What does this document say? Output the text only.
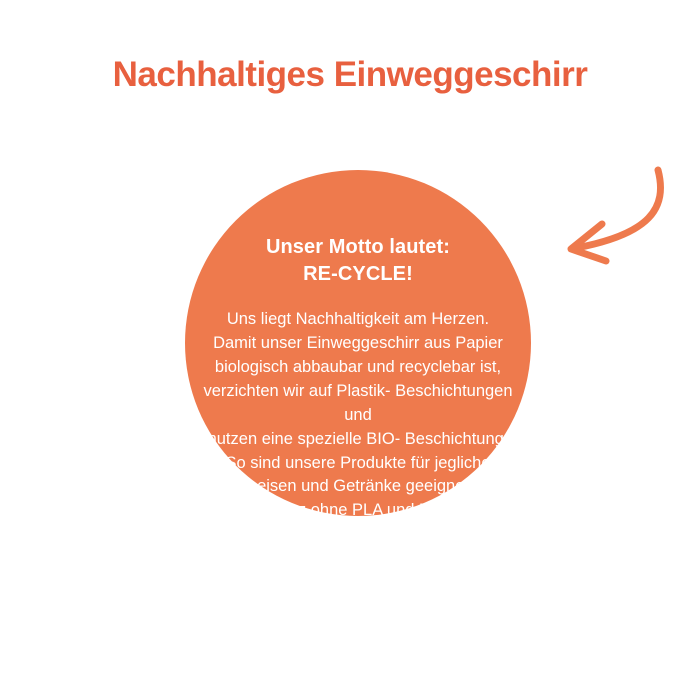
Nachhaltiges Einweggeschirr
Unser Motto lautet:
RE-CYCLE!
Uns liegt Nachhaltigkeit am Herzen.
Damit unser Einweggeschirr aus Papier
biologisch abbaubar und recyclebar ist,
verzichten wir auf Plastik- Beschichtungen und
nutzen eine spezielle BIO- Beschichtung.
So sind unsere Produkte für jegliche
Speisen und Getränke geeignet -
ganz ohne PLA und PE.
Für eine nachhaltigere
Kreislaufwirtschaft!
